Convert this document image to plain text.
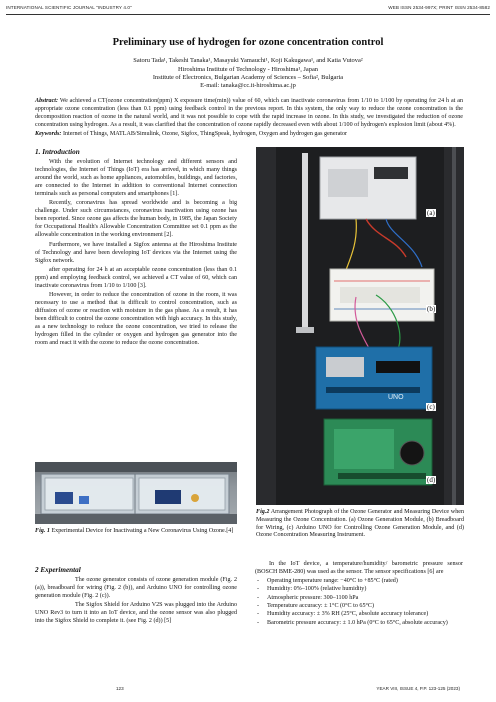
INTERNATIONAL SCIENTIFIC JOURNAL "INDUSTRY 4.0"	WEB ISSN 2534-997X; PRINT ISSN 2534-8582
Preliminary use of hydrogen for ozone concentration control
Satoru Tada¹, Takeshi Tanaka¹, Masayuki Yamauchi¹, Koji Kakugawa¹, and Katia Vutova²
Hiroshima Institute of Technology - Hiroshima¹, Japan
Institute of Electronics, Bulgarian Academy of Sciences – Sofia², Bulgaria
E-mail: tanaka@cc.it-hiroshima.ac.jp
Abstract: We achieved a CT(ozone concentration(ppm) X exposure time(min)) value of 60, which can inactivate coronavirus from 1/10 to 1/100 by operating for 24 h at an appropriate ozone concentration (less than 0.1 ppm) using feedback control in the previous report. In this system, the only way to reduce the ozone concentration is the decomposition reaction of ozone in the natural world, and it was not possible to cope with the rapid increase in ozone. In this study, we investigated the reduction of ozone concentration using hydrogen. As a result, it was clarified that the concentration of ozone rapidly decreased even with about 1/100 of hydrogen's explosion limit (about 4%).
Keywords: Internet of Things, MATLAB/Simulink, Ozone, Sigfox, ThingSpeak, hydrogen, Oxygen and hydrogen gas generator
1. Introduction

With the evolution of Internet technology and different sensors and technologies, the Internet of Things (IoT) era has arrived, in which many things around the world, such as home appliances, automobiles, buildings, and factories, are connected to the Internet in addition to conventional Internet connection terminals such as personal computers and smartphones [1].

Recently, coronavirus has spread worldwide and is becoming a big challenge. Under such circumstances, coronavirus inactivation using ozone has been reported. Since ozone gas affects the human body, in 1985, the Japan Society for Occupational Health's Allowable Concentration Committee set 0.1 ppm as the allowable concentration in the working environment [2].

Furthermore, we have installed a Sigfox antenna at the Hiroshima Institute of Technology and have been developing IoT devices via the Internet using the Sigfox network.

after operating for 24 h at an acceptable ozone concentration (less than 0.1 ppm) and employing feedback control, we achieved a CT value of 60, which can inactivate coronavirus from 1/10 to 1/100 [3].

However, in order to reduce the concentration of ozone in the room, it was necessary to use a method that is difficult to control concentration, such as diffusion of ozone or reaction with moisture in the gas phase. As a result, it has been difficult to control the ozone concentration with high accuracy. In this study, as a new technology to reduce the ozone concentration, we tried to release the hydrogen filled in the cylinder or oxygen and hydrogen gas generator into the room and react it with the ozone to reduce the ozone concentration.

Fig. 1 Experimental Device for Inactivating a New Coronavirus Using Ozone.[4]
2 Experimental

The ozone generator consists of ozone generation module (Fig. 2 (a)), breadboard for wiring (Fig. 2 (b)), and Arduino UNO for controlling ozone generation module (Fig. 2 (c)).

The Sigfox Shield for Arduino V2S was plugged into the Arduino UNO Rev3 to turn it into an IoT device, and the ozone sensor was also plugged into the Sigfox Shield to complete it. (see Fig. 2 (d)) [5]

UNO
(a)
(b)
(c)
(d)
Fig.2 Arrangement Photograph of the Ozone Generator and Measuring Device when Measuring the Ozone Concentration. (a) Ozone Generation Module, (b) Breadboard for Wiring, (c) Arduino UNO for Controlling Ozone Generation Module, and (d) Ozone Concentration Measuring Instrument.

In the IoT device, a temperature/humidity/ barometric pressure sensor (BOSCH BME-280) was used as the sensor. The sensor specifications [6] are

- Operating temperature range: −40°C to +85°C (rated)
- Humidity: 0%–100% (relative humidity)
- Atmospheric pressure: 300–1100 hPa
- Temperature accuracy: ± 1°C (0°C to 65°C)
- Humidity accuracy: ± 3% RH (25°C, absolute accuracy tolerance)
- Barometric pressure accuracy: ± 1.0 hPa (0°C to 65°C, absolute accuracy)
123	YEAR VIII, ISSUE 4, P.P. 123-125 (2023)
